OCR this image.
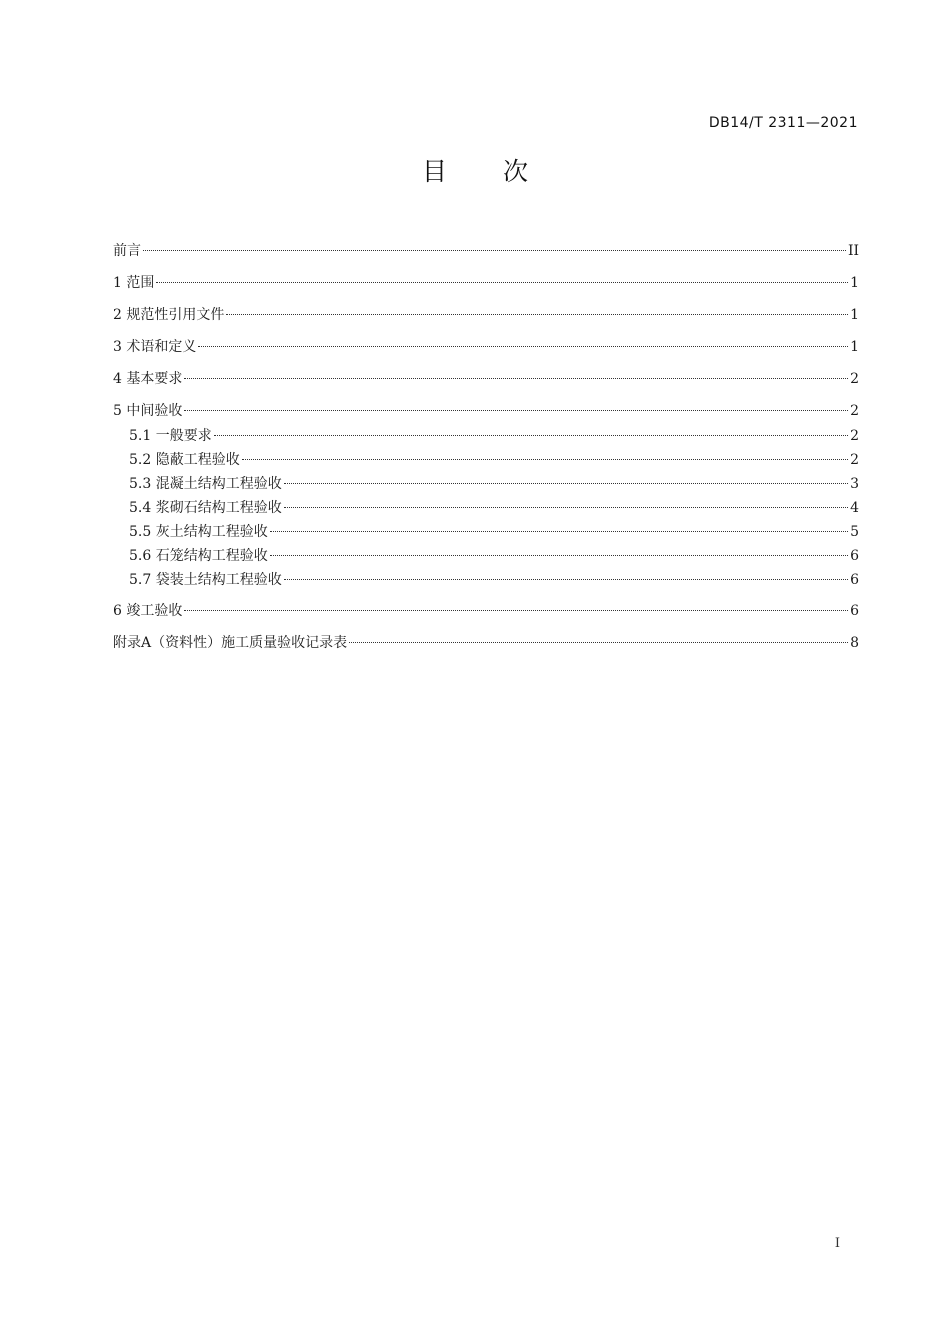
DB14/T 2311—2021
目 次
前言	II
1 范围	1
2 规范性引用文件	1
3 术语和定义	1
4 基本要求	2
5 中间验收	2
5.1 一般要求	2
5.2 隐蔽工程验收	2
5.3 混凝土结构工程验收	3
5.4 浆砌石结构工程验收	4
5.5 灰土结构工程验收	5
5.6 石笼结构工程验收	6
5.7 袋装土结构工程验收	6
6 竣工验收	6
附录A（资料性）施工质量验收记录表	8
I
